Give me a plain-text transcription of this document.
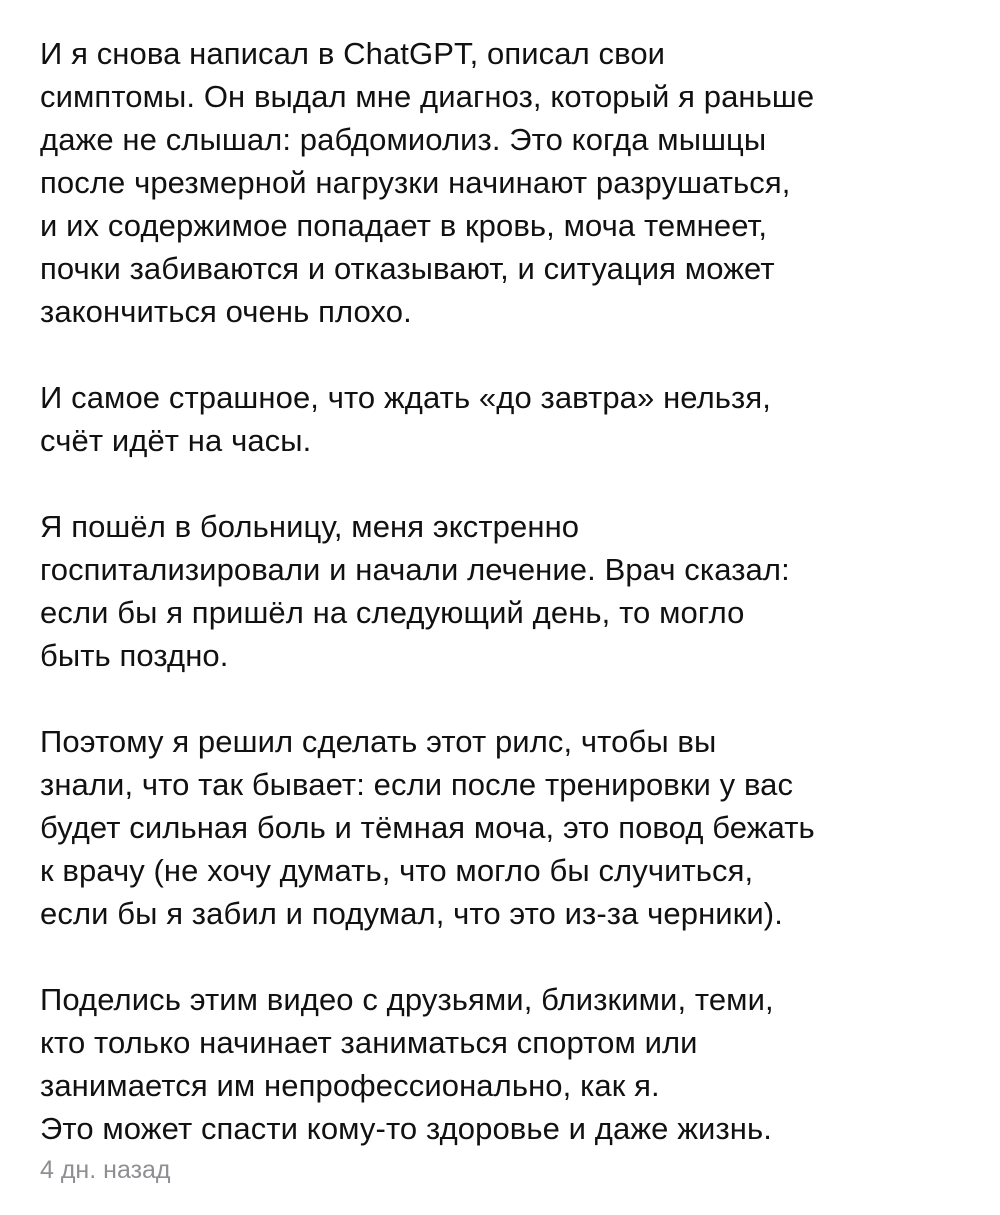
И я снова написал в ChatGPT, описал свои
симптомы. Он выдал мне диагноз, который я раньше
даже не слышал: рабдомиолиз. Это когда мышцы
после чрезмерной нагрузки начинают разрушаться,
и их содержимое попадает в кровь, моча темнеет,
почки забиваются и отказывают, и ситуация может
закончиться очень плохо.

И самое страшное, что ждать «до завтра» нельзя,
счёт идёт на часы.

Я пошёл в больницу, меня экстренно
госпитализировали и начали лечение. Врач сказал:
если бы я пришёл на следующий день, то могло
быть поздно.

Поэтому я решил сделать этот рилс, чтобы вы
знали, что так бывает: если после тренировки у вас
будет сильная боль и тёмная моча, это повод бежать
к врачу (не хочу думать, что могло бы случиться,
если бы я забил и подумал, что это из-за черники).

Поделись этим видео с друзьями, близкими, теми,
кто только начинает заниматься спортом или
занимается им непрофессионально, как я.
Это может спасти кому-то здоровье и даже жизнь.

4 дн. назад
